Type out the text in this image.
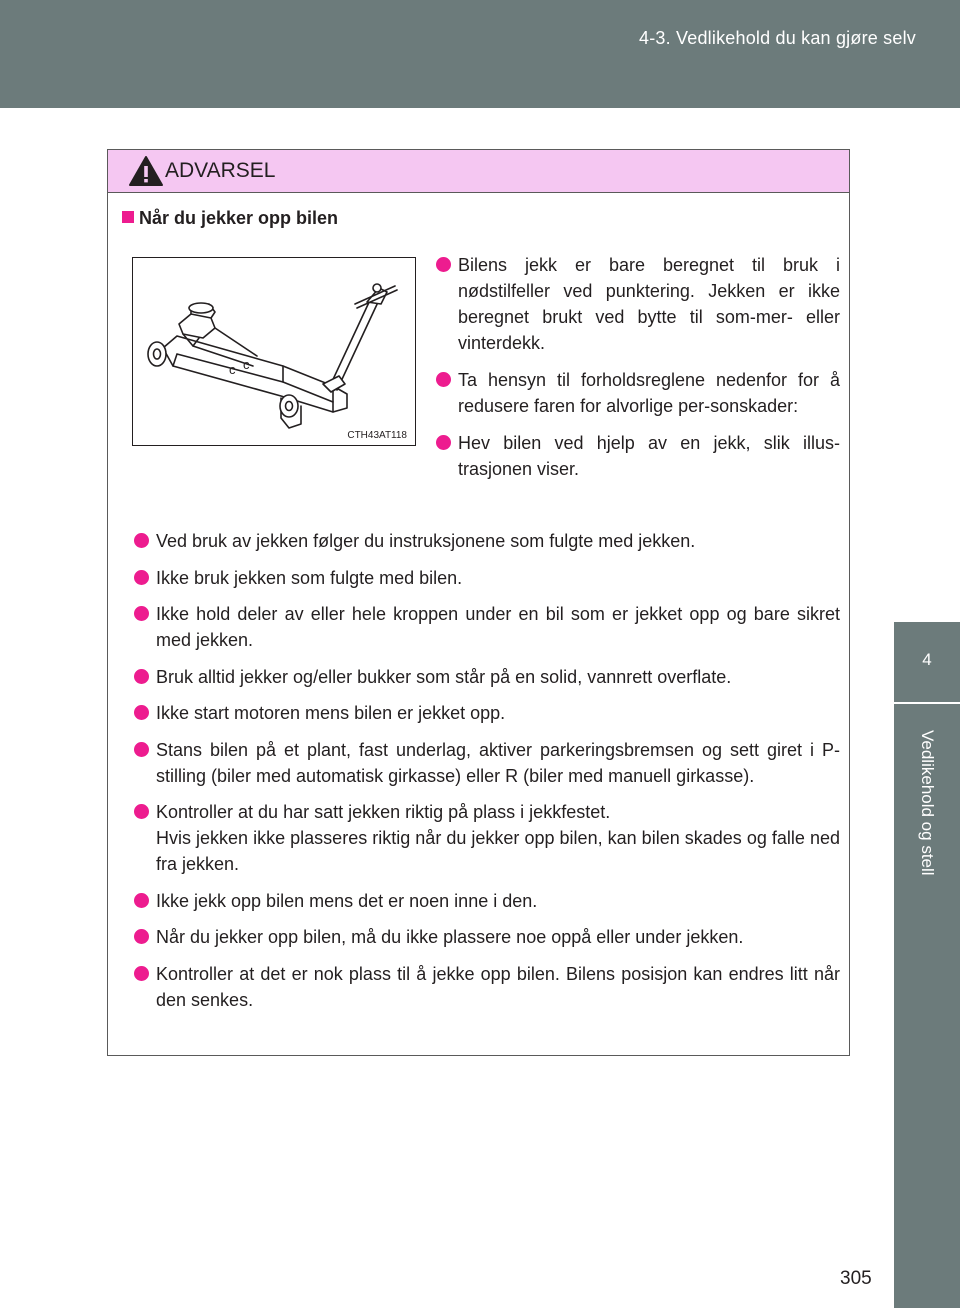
4-3. Vedlikehold du kan gjøre selv
4
Vedlikehold og stell
ADVARSEL
Når du jekker opp bilen
c c
CTH43AT118
Bilens jekk er bare beregnet til bruk i nødstilfeller ved punktering. Jekken er ikke beregnet brukt ved bytte til som-mer- eller vinterdekk.
Ta hensyn til forholdsreglene nedenfor for å redusere faren for alvorlige per-sonskader:
Hev bilen ved hjelp av en jekk, slik illus-trasjonen viser.
Ved bruk av jekken følger du instruksjonene som fulgte med jekken.
Ikke bruk jekken som fulgte med bilen.
Ikke hold deler av eller hele kroppen under en bil som er jekket opp og bare sikret med jekken.
Bruk alltid jekker og/eller bukker som står på en solid, vannrett overflate.
Ikke start motoren mens bilen er jekket opp.
Stans bilen på et plant, fast underlag, aktiver parkeringsbremsen og sett giret i P-stilling (biler med automatisk girkasse) eller R (biler med manuell girkasse).
Kontroller at du har satt jekken riktig på plass i jekkfestet.
Hvis jekken ikke plasseres riktig når du jekker opp bilen, kan bilen skades og falle ned fra jekken.
Ikke jekk opp bilen mens det er noen inne i den.
Når du jekker opp bilen, må du ikke plassere noe oppå eller under jekken.
Kontroller at det er nok plass til å jekke opp bilen. Bilens posisjon kan endres litt når den senkes.
305
